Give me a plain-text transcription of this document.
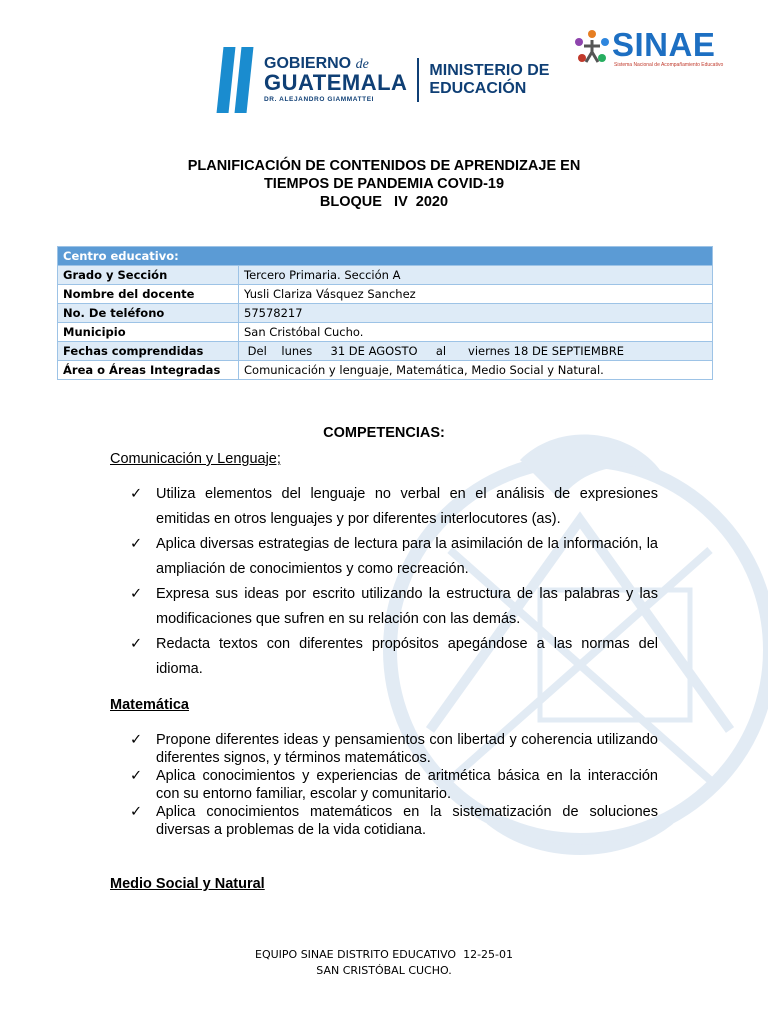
GOBIERNO de
GUATEMALA
DR. ALEJANDRO GIAMMATTEI
MINISTERIO DE
EDUCACIÓN
SINAE
Sistema Nacional de Acompañamiento Educativo
PLANIFICACIÓN DE CONTENIDOS DE APRENDIZAJE EN
TIEMPOS DE PANDEMIA COVID-19
BLOQUE   IV  2020
Centro educativo:	
Grado y Sección	Tercero Primaria. Sección A
Nombre del docente	Yusli Clariza Vásquez Sanchez
No. De teléfono	57578217
Municipio	San Cristóbal Cucho.
Fechas comprendidas	Del    lunes     31 DE AGOSTO     al      viernes 18 DE SEPTIEMBRE
Área o Áreas Integradas	Comunicación y lenguaje, Matemática, Medio Social y Natural.
COMPETENCIAS:
Comunicación y Lenguaje;
✓ Utiliza elementos del lenguaje no verbal en el análisis de expresiones emitidas en otros lenguajes y por diferentes interlocutores (as).
✓ Aplica diversas estrategias de lectura para la asimilación de la información, la ampliación de conocimientos y como recreación.
✓ Expresa sus ideas por escrito utilizando la estructura de las palabras y las modificaciones que sufren en su relación con las demás.
✓ Redacta textos con diferentes propósitos apegándose a las normas del idioma.
Matemática
✓ Propone diferentes ideas y pensamientos con libertad y coherencia utilizando diferentes signos, y términos matemáticos.
✓ Aplica conocimientos y experiencias de aritmética básica en la interacción con su entorno familiar, escolar y comunitario.
✓ Aplica conocimientos matemáticos en la sistematización de soluciones diversas a problemas de la vida cotidiana.
Medio Social y Natural
EQUIPO SINAE DISTRITO EDUCATIVO  12-25-01
SAN CRISTÓBAL CUCHO.
